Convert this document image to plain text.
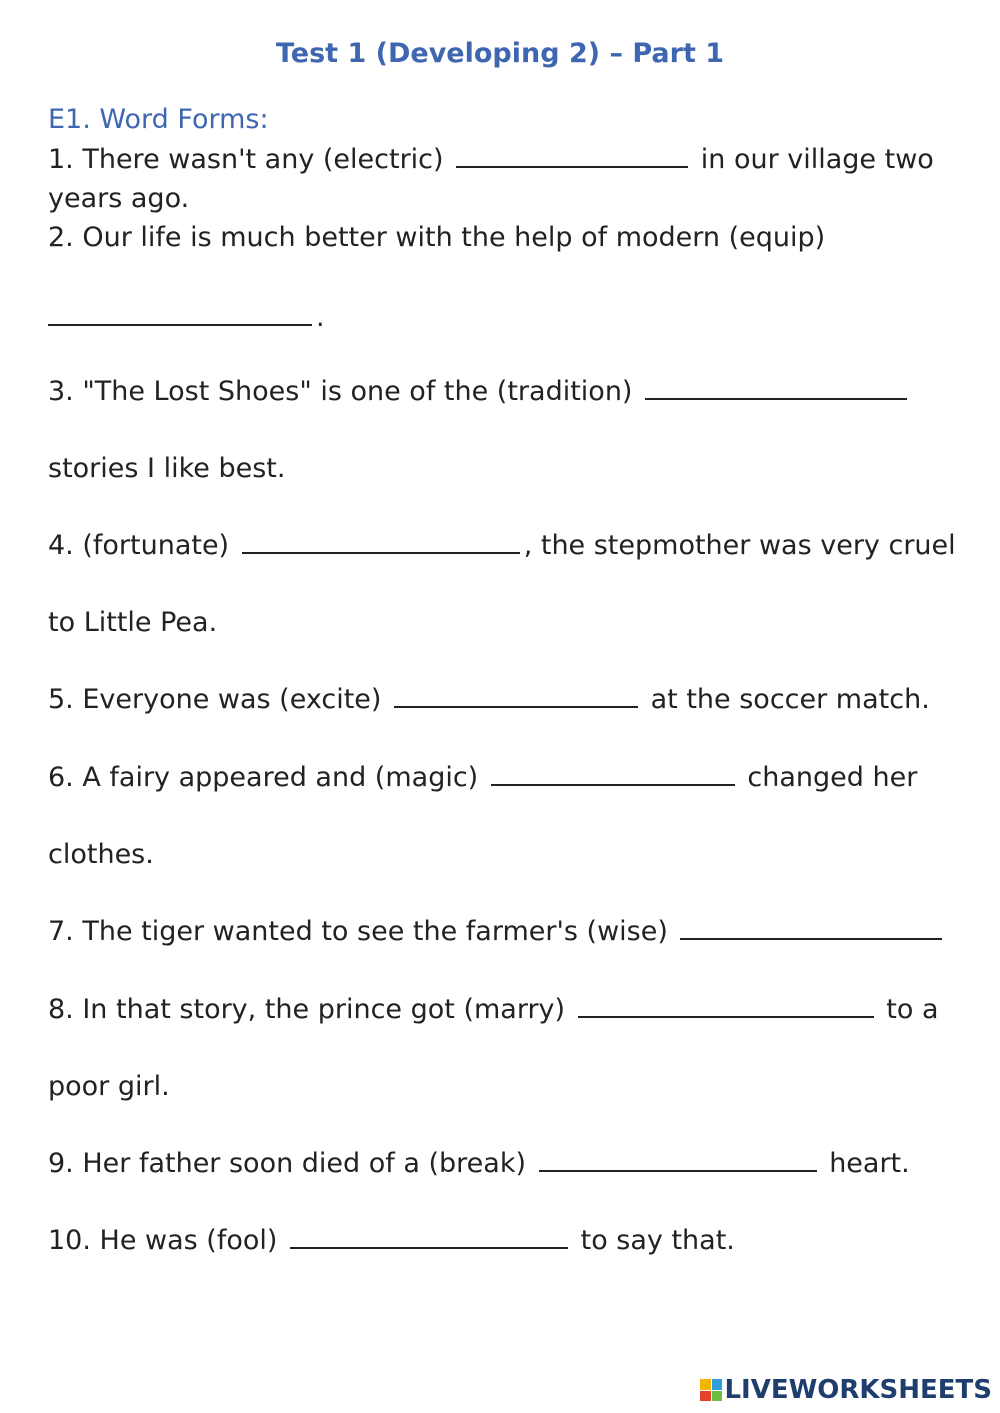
Test 1 (Developing 2) – Part 1
E1. Word Forms:
1. There wasn't any (electric)	in our village two
years ago.
2. Our life is much better with the help of modern (equip)
.
3. "The Lost Shoes" is one of the (tradition)
stories I like best.
4. (fortunate)	, the stepmother was very cruel
to Little Pea.
5. Everyone was (excite)	at the soccer match.
6. A fairy appeared and (magic)	changed her
clothes.
7. The tiger wanted to see the farmer's (wise)
8. In that story, the prince got (marry)	to a
poor girl.
9. Her father soon died of a (break)	heart.
10. He was (fool)	to say that.
LIVEWORKSHEETS
